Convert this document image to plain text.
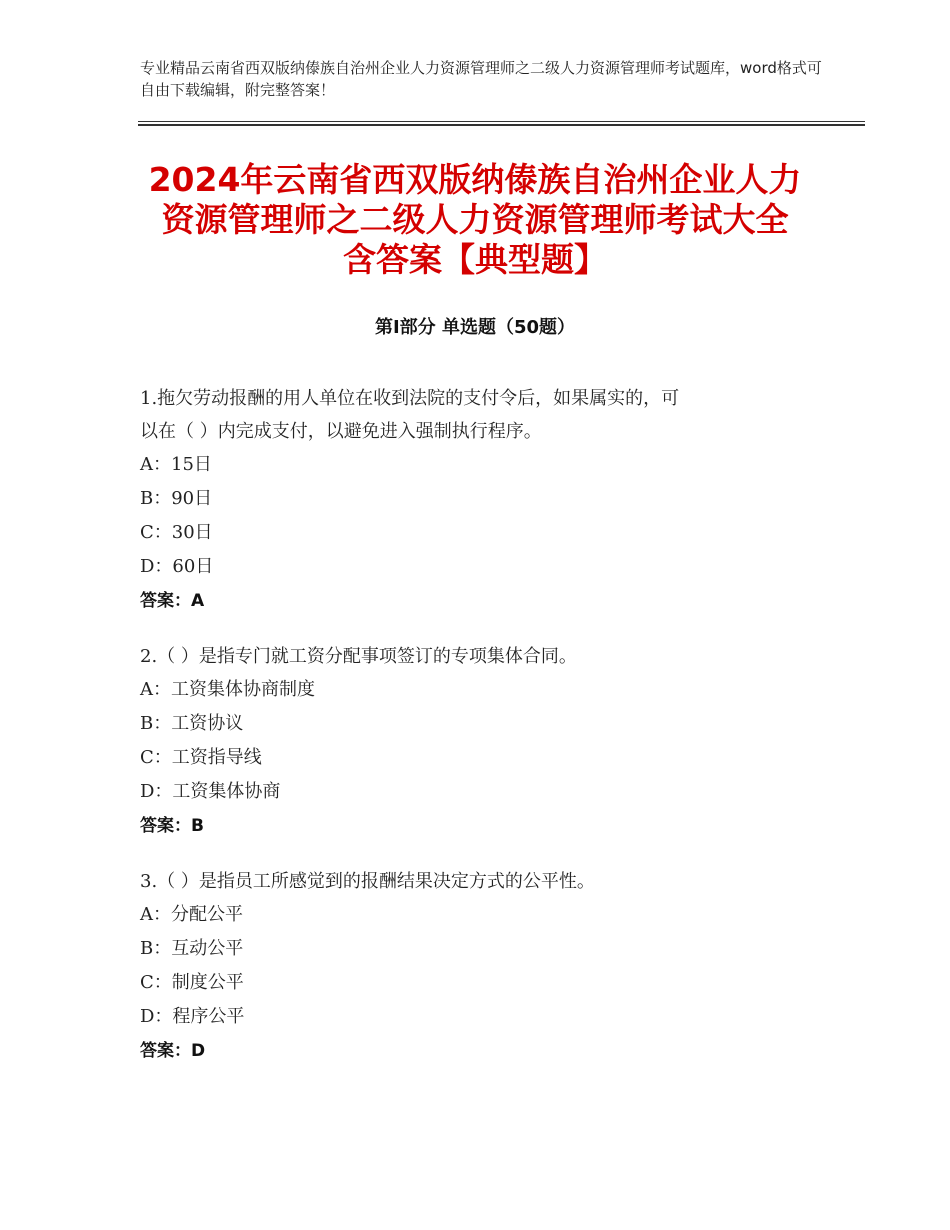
专业精品云南省西双版纳傣族自治州企业人力资源管理师之二级人力资源管理师考试题库，word格式可自由下载编辑，附完整答案！
2024年云南省西双版纳傣族自治州企业人力
资源管理师之二级人力资源管理师考试大全
含答案【典型题】
第Ⅰ部分 单选题（50题）

1.拖欠劳动报酬的用人单位在收到法院的支付令后，如果属实的，可
以在（ ）内完成支付，以避免进入强制执行程序。

A：15日
B：90日
C：30日
D：60日
答案：A

2.（ ）是指专门就工资分配事项签订的专项集体合同。

A：工资集体协商制度
B：工资协议
C：工资指导线
D：工资集体协商
答案：B

3.（ ）是指员工所感觉到的报酬结果决定方式的公平性。

A：分配公平
B：互动公平
C：制度公平
D：程序公平
答案：D
